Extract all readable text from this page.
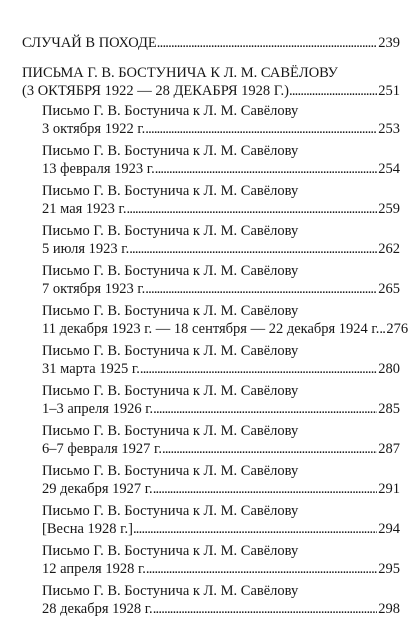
СЛУЧАЙ В ПОХОДЕ . . .	239
ПИСЬМА Г. В. БОСТУНИЧА К Л. М. САВЁЛОВУ
(3 ОКТЯБРЯ 1922 — 28 ДЕКАБРЯ 1928 Г.) . . .	251
Письмо Г. В. Бостунича к Л. М. Савёлову
3 октября 1922 г. . . .	253
Письмо Г. В. Бостунича к Л. М. Савёлову
13 февраля 1923 г. . . .	254
Письмо Г. В. Бостунича к Л. М. Савёлову
21 мая 1923 г. . . .	259
Письмо Г. В. Бостунича к Л. М. Савёлову
5 июля 1923 г. . . .	262
Письмо Г. В. Бостунича к Л. М. Савёлову
7 октября 1923 г. . . .	265
Письмо Г. В. Бостунича к Л. М. Савёлову
11 декабря 1923 г. — 18 сентября — 22 декабря 1924 г. . . . 276
Письмо Г. В. Бостунича к Л. М. Савёлову
31 марта 1925 г. . . .	280
Письмо Г. В. Бостунича к Л. М. Савёлову
1–3 апреля 1926 г. . . .	285
Письмо Г. В. Бостунича к Л. М. Савёлову
6–7 февраля 1927 г. . . .	287
Письмо Г. В. Бостунича к Л. М. Савёлову
29 декабря 1927 г. . . .	291
Письмо Г. В. Бостунича к Л. М. Савёлову
[Весна 1928 г.] . . .	294
Письмо Г. В. Бостунича к Л. М. Савёлову
12 апреля 1928 г. . . .	295
Письмо Г. В. Бостунича к Л. М. Савёлову
28 декабря 1928 г. . . .	298
